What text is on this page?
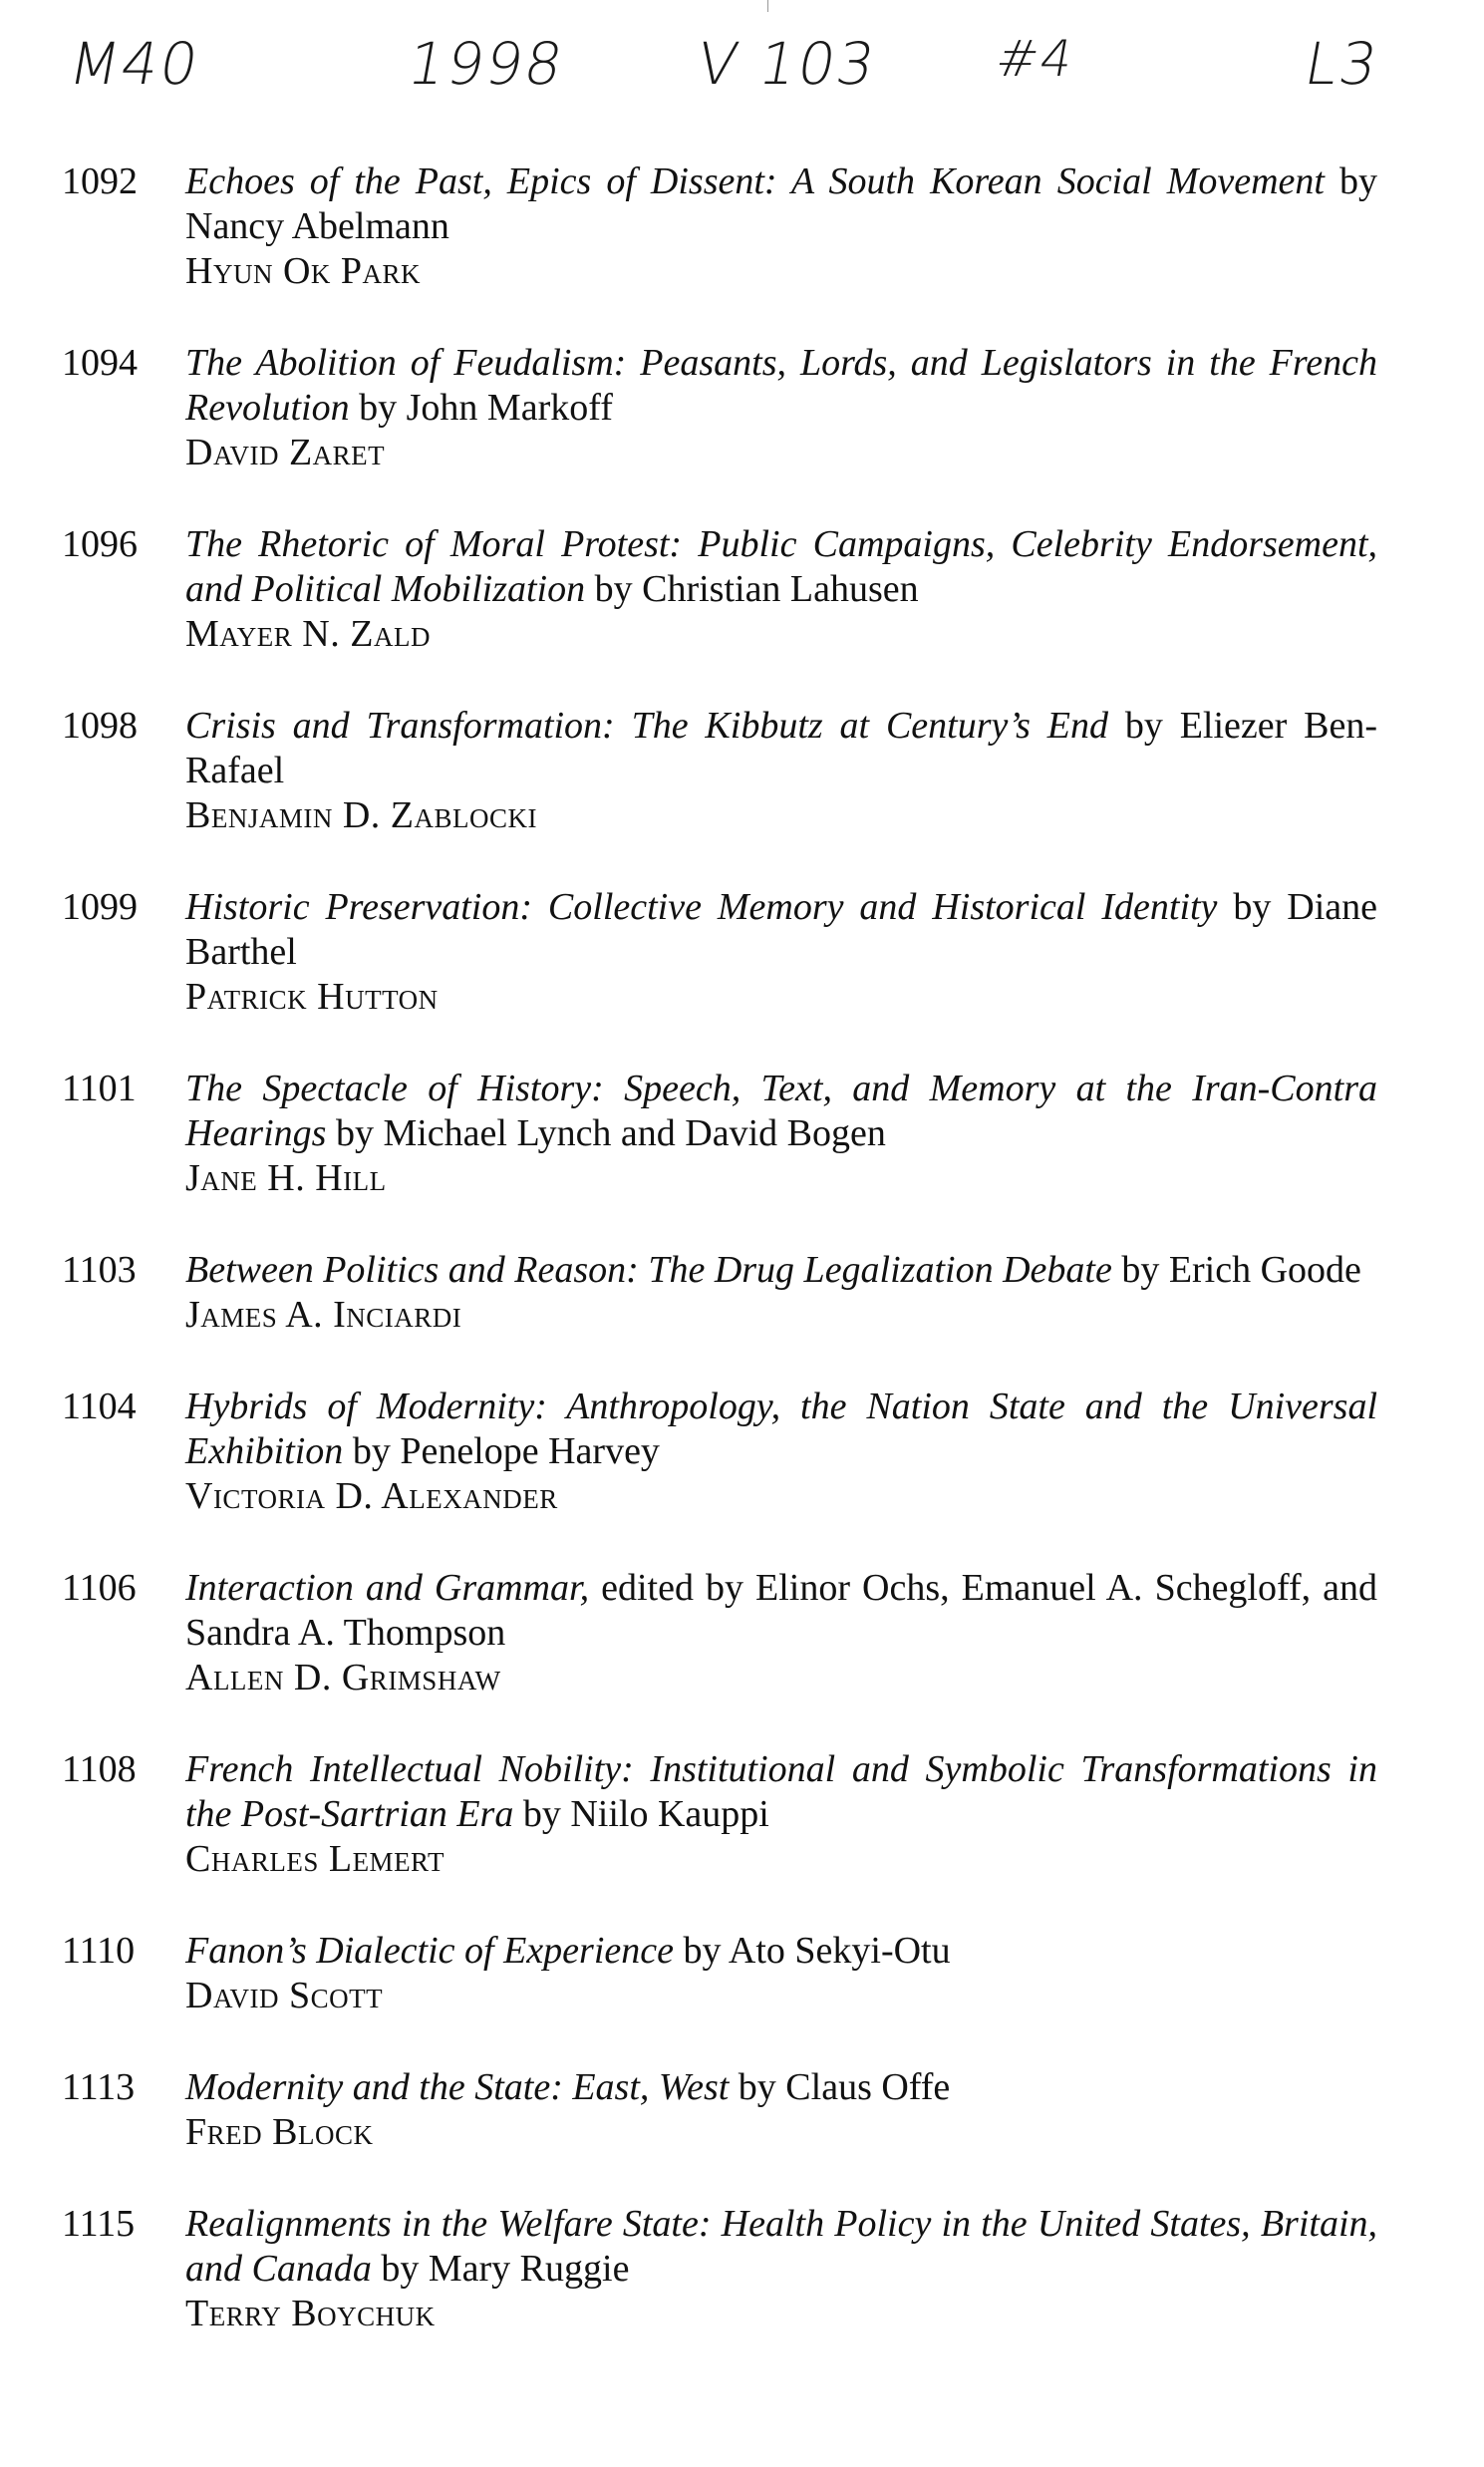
M40	1998 V 103 #4	L3
1092	Echoes of the Past, Epics of Dissent: A South Korean Social Movement by Nancy Abelmann
Hyun Ok Park
1094	The Abolition of Feudalism: Peasants, Lords, and Legislators in the French Revolution by John Markoff
David Zaret
1096	The Rhetoric of Moral Protest: Public Campaigns, Celebrity Endorsement, and Political Mobilization by Christian Lahusen
Mayer N. Zald
1098	Crisis and Transformation: The Kibbutz at Century’s End by Eliezer Ben-Rafael
Benjamin D. Zablocki
1099	Historic Preservation: Collective Memory and Historical Identity by Diane Barthel
Patrick Hutton
1101	The Spectacle of History: Speech, Text, and Memory at the Iran-Contra Hearings by Michael Lynch and David Bogen
Jane H. Hill
1103	Between Politics and Reason: The Drug Legalization Debate by Erich Goode
James A. Inciardi
1104	Hybrids of Modernity: Anthropology, the Nation State and the Universal Exhibition by Penelope Harvey
Victoria D. Alexander
1106	Interaction and Grammar, edited by Elinor Ochs, Emanuel A. Schegloff, and Sandra A. Thompson
Allen D. Grimshaw
1108	French Intellectual Nobility: Institutional and Symbolic Transformations in the Post-Sartrian Era by Niilo Kauppi
Charles Lemert
1110	Fanon’s Dialectic of Experience by Ato Sekyi-Otu
David Scott
1113	Modernity and the State: East, West by Claus Offe
Fred Block
1115	Realignments in the Welfare State: Health Policy in the United States, Britain, and Canada by Mary Ruggie
Terry Boychuk
